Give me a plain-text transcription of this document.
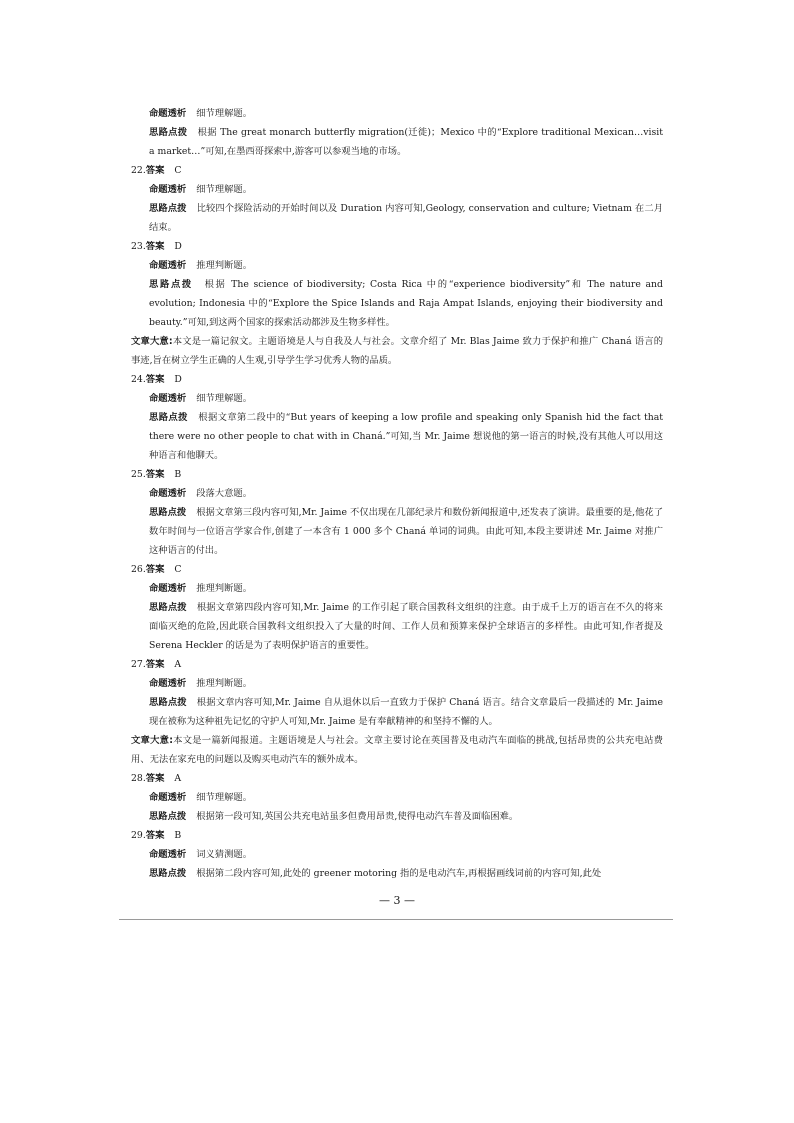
命题透析 细节理解题。
思路点拨 根据 The great monarch butterfly migration(迁徙)；Mexico 中的“Explore traditional Mexican…visit a market…”可知,在墨西哥探索中,游客可以参观当地的市场。
22.答案 C
命题透析 细节理解题。
思路点拨 比较四个探险活动的开始时间以及 Duration 内容可知,Geology, conservation and culture; Vietnam 在二月结束。
23.答案 D
命题透析 推理判断题。
思路点拨 根据 The science of biodiversity; Costa Rica 中的“experience biodiversity”和 The nature and evolution; Indonesia 中的“Explore the Spice Islands and Raja Ampat Islands, enjoying their biodiversity and beauty.”可知,到这两个国家的探索活动都涉及生物多样性。
文章大意:本文是一篇记叙文。主题语境是人与自我及人与社会。文章介绍了 Mr. Blas Jaime 致力于保护和推广 Chaná 语言的事迹,旨在树立学生正确的人生观,引导学生学习优秀人物的品质。
24.答案 D
命题透析 细节理解题。
思路点拨 根据文章第二段中的“But years of keeping a low profile and speaking only Spanish hid the fact that there were no other people to chat with in Chaná.”可知,当 Mr. Jaime 想说他的第一语言的时候,没有其他人可以用这种语言和他聊天。
25.答案 B
命题透析 段落大意题。
思路点拨 根据文章第三段内容可知,Mr. Jaime 不仅出现在几部纪录片和数份新闻报道中,还发表了演讲。最重要的是,他花了数年时间与一位语言学家合作,创建了一本含有 1 000 多个 Chaná 单词的词典。由此可知,本段主要讲述 Mr. Jaime 对推广这种语言的付出。
26.答案 C
命题透析 推理判断题。
思路点拨 根据文章第四段内容可知,Mr. Jaime 的工作引起了联合国教科文组织的注意。由于成千上万的语言在不久的将来面临灭绝的危险,因此联合国教科文组织投入了大量的时间、工作人员和预算来保护全球语言的多样性。由此可知,作者提及 Serena Heckler 的话是为了表明保护语言的重要性。
27.答案 A
命题透析 推理判断题。
思路点拨 根据文章内容可知,Mr. Jaime 自从退休以后一直致力于保护 Chaná 语言。结合文章最后一段描述的 Mr. Jaime 现在被称为这种祖先记忆的守护人可知,Mr. Jaime 是有奉献精神的和坚持不懈的人。
文章大意:本文是一篇新闻报道。主题语境是人与社会。文章主要讨论在英国普及电动汽车面临的挑战,包括昂贵的公共充电站费用、无法在家充电的问题以及购买电动汽车的额外成本。
28.答案 A
命题透析 细节理解题。
思路点拨 根据第一段可知,英国公共充电站虽多但费用昂贵,使得电动汽车普及面临困难。
29.答案 B
命题透析 词义猜测题。
思路点拨 根据第二段内容可知,此处的 greener motoring 指的是电动汽车,再根据画线词前的内容可知,此处
— 3 —
